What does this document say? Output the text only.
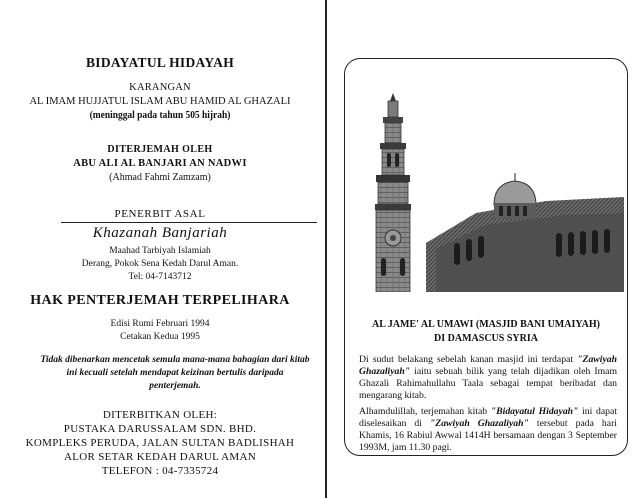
BIDAYATUL HIDAYAH
KARANGAN
AL IMAM HUJJATUL ISLAM ABU HAMID AL GHAZALI
(meninggal pada tahun 505 hijrah)
DITERJEMAH OLEH
ABU ALI AL BANJARI AN NADWI
(Ahmad Fahmi Zamzam)
PENERBIT ASAL
Khazanah Banjariah
Maahad Tarbiyah Islamiah
Derang, Pokok Sena Kedah Darul Aman.
Tel: 04-7143712
HAK PENTERJEMAH TERPELIHARA
Edisi Rumi Februari 1994
Cetakan Kedua 1995
Tidak dibenarkan mencetak semula mana-mana bahagian dari kitab ini kecuali setelah mendapat keizinan bertulis daripada penterjemah.
DITERBITKAN OLEH:
PUSTAKA DARUSSALAM SDN. BHD.
KOMPLEKS PERUDA, JALAN SULTAN BADLISHAH
ALOR SETAR KEDAH DARUL AMAN
TELEFON : 04-7335724
AL JAME' AL UMAWI (MASJID BANI UMAIYAH)
DI DAMASCUS SYRIA
Di sudut belakang sebelah kanan masjid ini terdapat "Zawiyah Ghazaliyah" iaitu sebuah bilik yang telah dijadikan oleh Imam Ghazali Rahimahullahu Taala sebagai tempat beribadat dan mengarang kitab.
Alhamdulillah, terjemahan kitab "Bidayatul Hidayah" ini dapat diselesaikan di "Zawiyah Ghazaliyah" tersebut pada hari Khamis, 16 Rabiul Awwal 1414H bersamaan dengan 3 September 1993M, jam 11.30 pagi.
